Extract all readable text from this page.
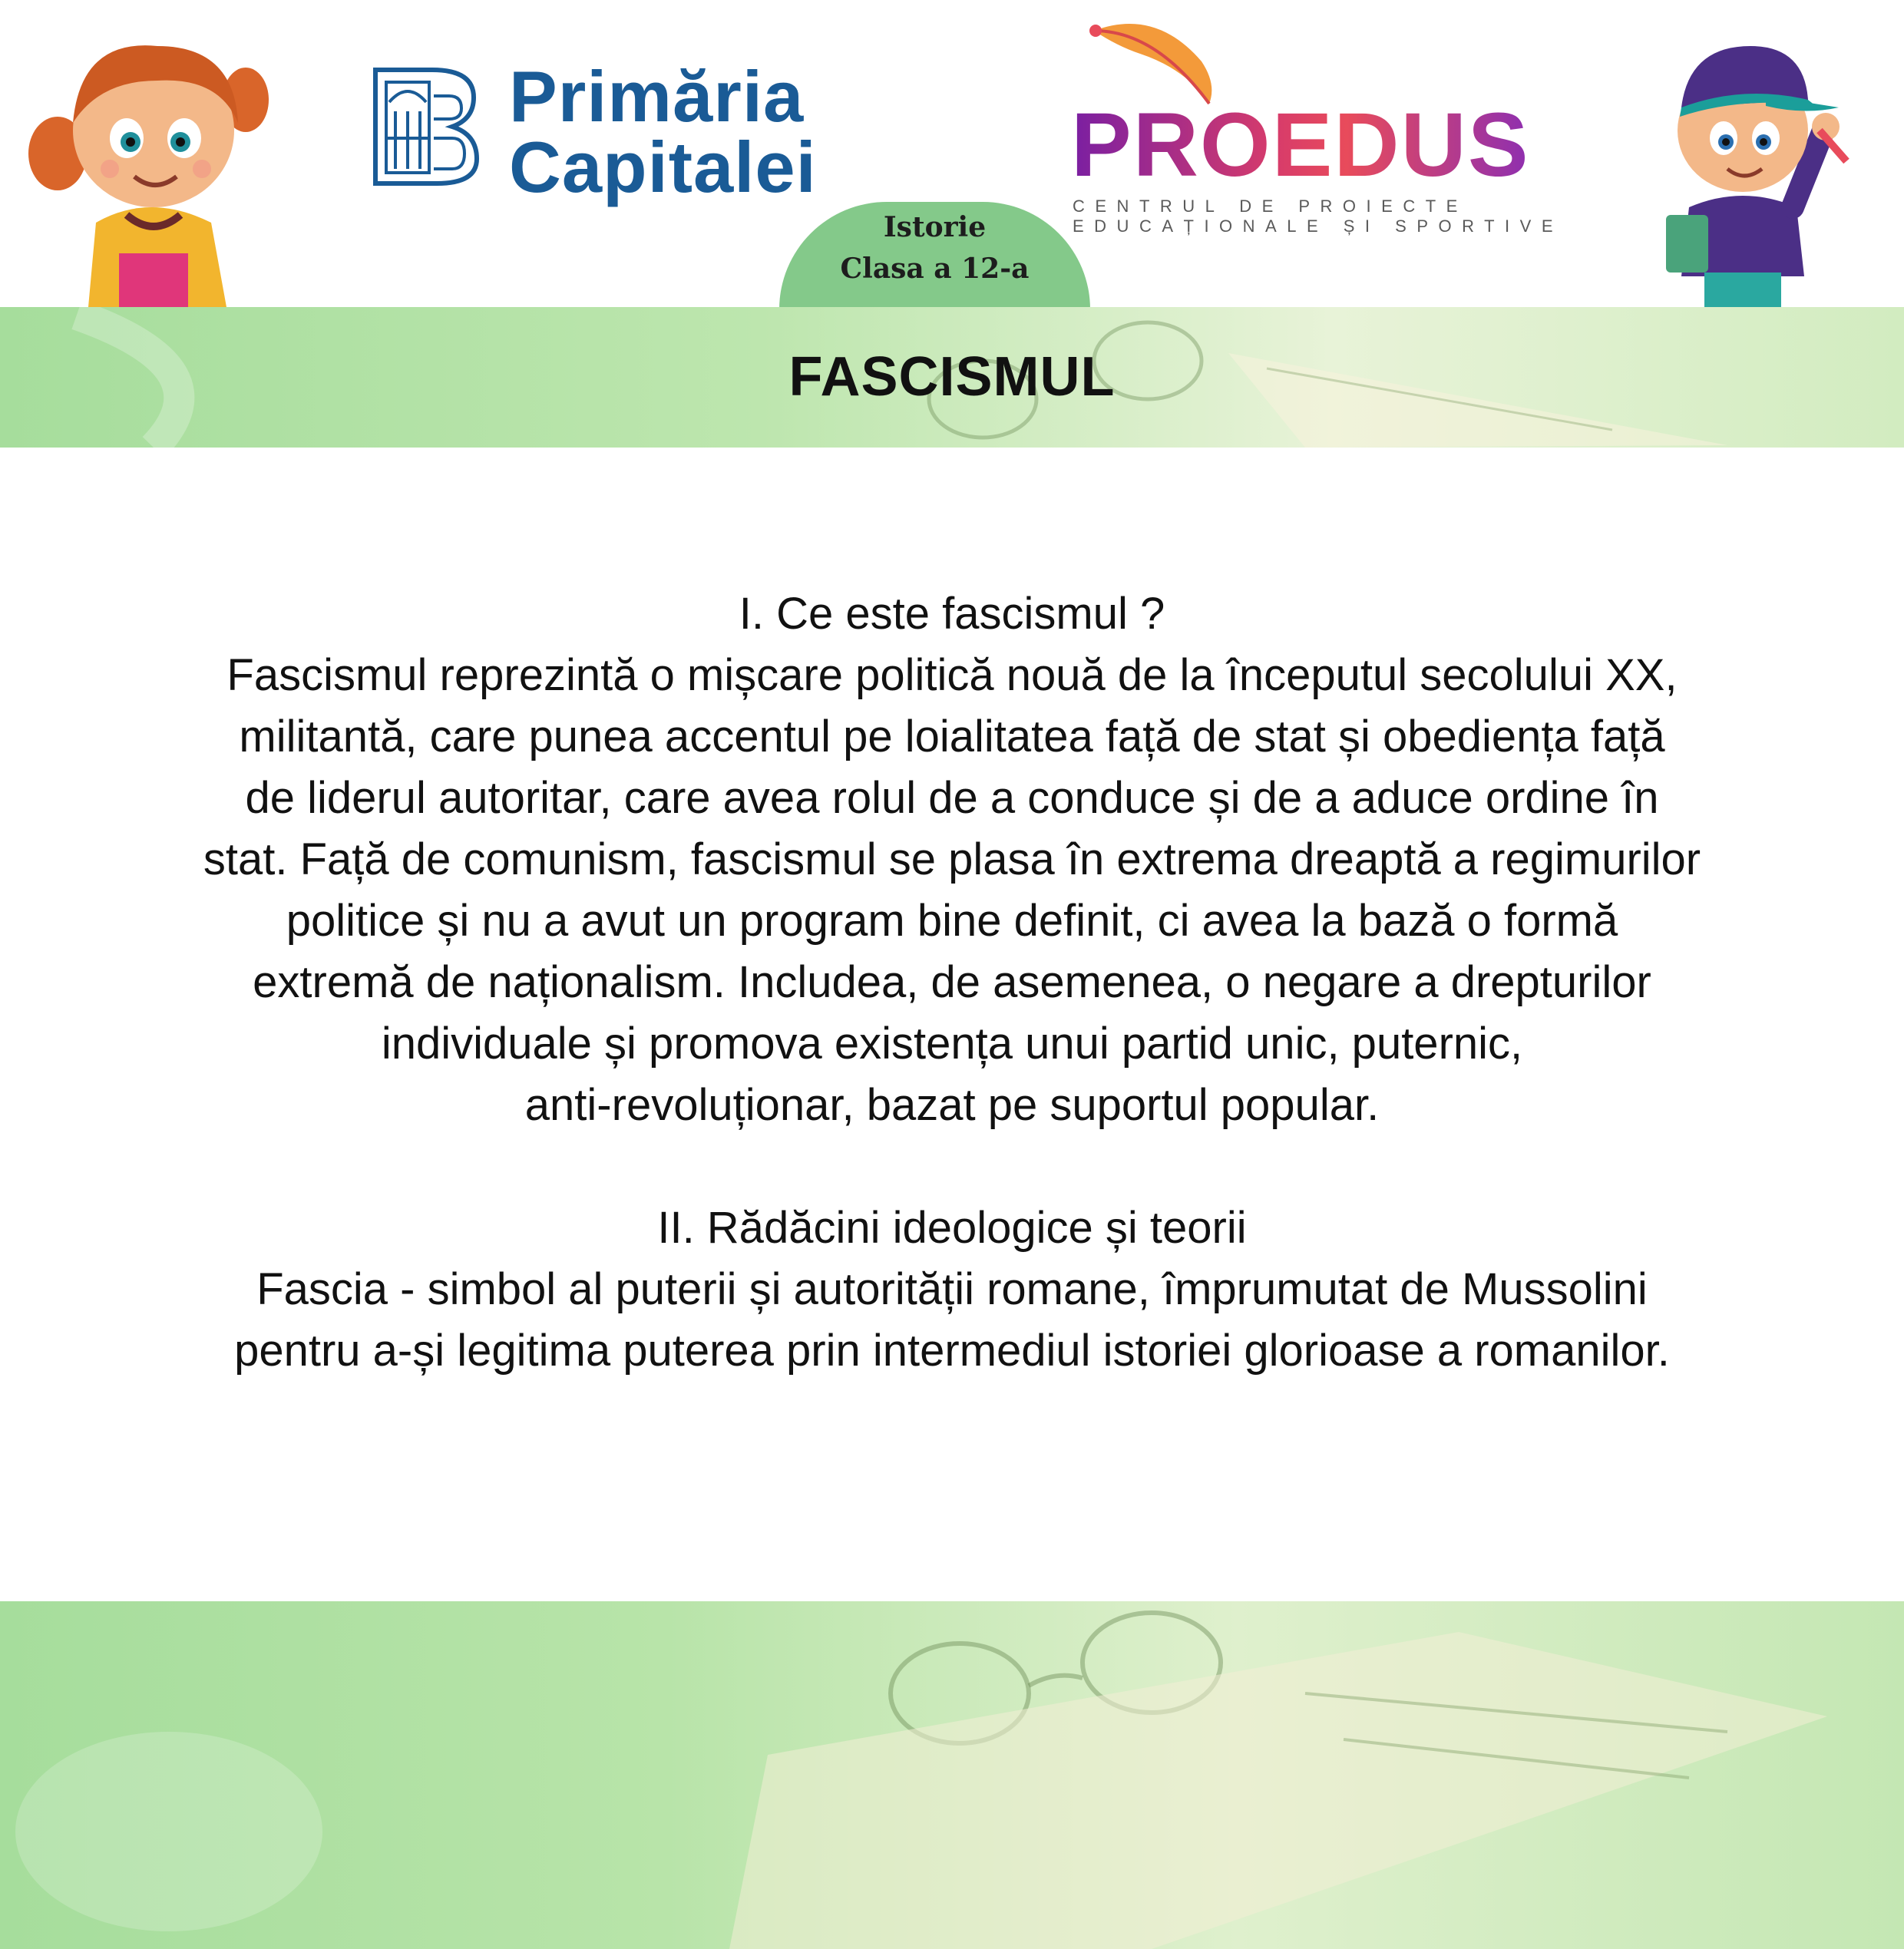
Primăria
Capitalei	PROEDUS
CENTRUL DE PROIECTE
EDUCAȚIONALE ȘI SPORTIVE
Istorie
Clasa a 12-a
FASCISMUL
I. Ce este fascismul ?
Fascismul reprezintă o mișcare politică nouă de la începutul secolului XX,
militantă, care punea accentul pe loialitatea față de stat și obediența față
de liderul autoritar, care avea rolul de a conduce și de a aduce ordine în
stat. Față de comunism, fascismul se plasa în extrema dreaptă a regimurilor
politice și nu a avut un program bine definit, ci avea la bază o formă
extremă de naționalism. Includea, de asemenea, o negare a drepturilor
individuale și promova existența unui partid unic, puternic,
anti-revoluționar, bazat pe suportul popular.
II. Rădăcini ideologice și teorii
Fascia - simbol al puterii și autorității romane, împrumutat de Mussolini
pentru a-și legitima puterea prin intermediul istoriei glorioase a romanilor.
